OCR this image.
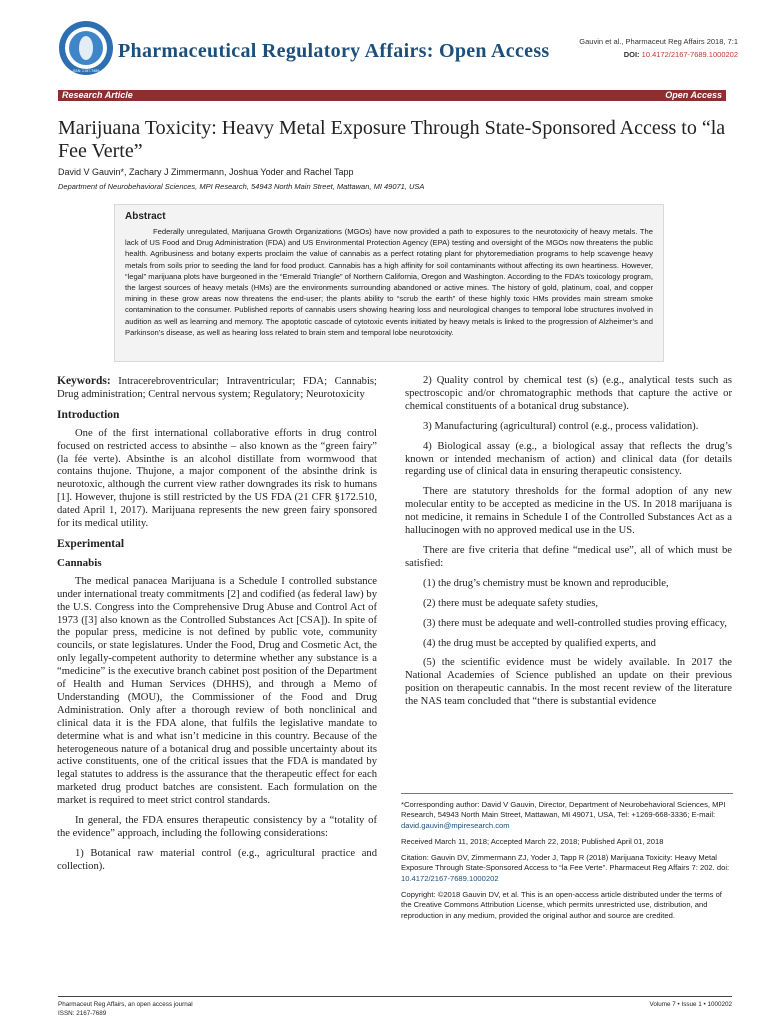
ISSN: 2167-7689
Pharmaceutical Regulatory Affairs: Open Access	Gauvin et al., Pharmaceut Reg Affairs 2018, 7:1
DOI: 10.4172/2167-7689.1000202
Research Article	Open Access
Marijuana Toxicity: Heavy Metal Exposure Through State-Sponsored Access to “la Fee Verte”
David V Gauvin*, Zachary J Zimmermann, Joshua Yoder and Rachel Tapp
Department of Neurobehavioral Sciences, MPI Research, 54943 North Main Street, Mattawan, MI 49071, USA
Abstract

Federally unregulated, Marijuana Growth Organizations (MGOs) have now provided a path to exposures to the neurotoxicity of heavy metals. The lack of US Food and Drug Administration (FDA) and US Environmental Protection Agency (EPA) testing and oversight of the MGOs now threatens the public health. Agribusiness and botany experts proclaim the value of cannabis as a perfect rotating plant for phytoremediation programs to help scavenge heavy metals from soils prior to seeding the land for food product. Cannabis has a high affinity for soil contaminants without affecting its own heartiness. However, “legal” marijuana plots have burgeoned in the “Emerald Triangle” of Northern California, Oregon and Washington. According to the FDA’s toxicology program, the largest sources of heavy metals (HMs) are the environments surrounding abandoned or active mines. The history of gold, platinum, coal, and copper mining in these grow areas now threatens the end-user; the plants ability to “scrub the earth” of these highly toxic HMs provides main stream smoke contamination to the consumer. Published reports of cannabis users showing hearing loss and neurological changes to temporal lobe structures involved in audition as well as learning and memory. The apoptotic cascade of cytotoxic events initiated by heavy metals is linked to the progression of Alzheimer’s and Parkinson’s disease, as well as hearing loss related to brain stem and temporal lobe neurotoxicity.

Keywords: Intracerebroventricular; Intraventricular; FDA; Cannabis; Drug administration; Central nervous system; Regulatory; Neurotoxicity

Introduction

One of the first international collaborative efforts in drug control focused on restricted access to absinthe – also known as the “green fairy” (la fée verte). Absinthe is an alcohol distillate from wormwood that contains thujone. Thujone, a major component of the absinthe drink is neurotoxic, although the current view rather downgrades its risk to humans [1]. However, thujone is still restricted by the US FDA (21 CFR §172.510, dated April 1, 2017). Marijuana represents the new green fairy sponsored for its medical utility.

Experimental
Cannabis

The medical panacea Marijuana is a Schedule I controlled substance under international treaty commitments [2] and codified (as federal law) by the U.S. Congress into the Comprehensive Drug Abuse and Control Act of 1973 ([3] also known as the Controlled Substances Act [CSA]). In spite of the popular press, medicine is not defined by public vote, community councils, or state legislatures. Under the Food, Drug and Cosmetic Act, the only legally-competent authority to determine whether any substance is a “medicine” is the executive branch cabinet post position of the Department of Health and Human Services (DHHS), and through a Memo of Understanding (MOU), the Commissioner of the Food and Drug Administration. Only after a thorough review of both nonclinical and clinical data it is the FDA alone, that fulfils the legislative mandate to determine what is and what isn’t medicine in this country. Because of the heterogeneous nature of a botanical drug and possible uncertainty about its active constituents, one of the critical issues that the FDA is mandated by legal statutes to address is the assurance that the therapeutic effect for each marketed drug product batches are consistent. Each formulation on the market is required to meet strict control standards.

In general, the FDA ensures therapeutic consistency by a “totality of the evidence” approach, including the following considerations:

1) Botanical raw material control (e.g., agricultural practice and collection).

2) Quality control by chemical test (s) (e.g., analytical tests such as spectroscopic and/or chromatographic methods that capture the active or chemical constituents of a botanical drug substance).

3) Manufacturing (agricultural) control (e.g., process validation).

4) Biological assay (e.g., a biological assay that reflects the drug’s known or intended mechanism of action) and clinical data (for details regarding use of clinical data in ensuring therapeutic consistency.

There are statutory thresholds for the formal adoption of any new molecular entity to be accepted as medicine in the US. In 2018 marijuana is not medicine, it remains in Schedule I of the Controlled Substances Act as a hallucinogen with no approved medical use in the US.

There are five criteria that define “medical use”, all of which must be satisfied:

(1) the drug’s chemistry must be known and reproducible,

(2) there must be adequate safety studies,

(3) there must be adequate and well-controlled studies proving efficacy,

(4) the drug must be accepted by qualified experts, and

(5) the scientific evidence must be widely available. In 2017 the National Academies of Science published an update on their previous position on therapeutic cannabis. In the most recent review of the literature the NAS team concluded that “there is substantial evidence

*Corresponding author: David V Gauvin, Director, Department of Neurobehavioral Sciences, MPI Research, 54943 North Main Street, Mattawan, MI 49071, USA, Tel: +1269-668-3336; E-mail: david.gauvin@mpiresearch.com

Received March 11, 2018; Accepted March 22, 2018; Published April 01, 2018

Citation: Gauvin DV, Zimmermann ZJ, Yoder J, Tapp R (2018) Marijuana Toxicity: Heavy Metal Exposure Through State-Sponsored Access to “la Fee Verte”. Pharmaceut Reg Affairs 7: 202. doi: 10.4172/2167-7689.1000202

Copyright: ©2018 Gauvin DV, et al. This is an open-access article distributed under the terms of the Creative Commons Attribution License, which permits unrestricted use, distribution, and reproduction in any medium, provided the original author and source are credited.

Pharmaceut Reg Affairs, an open access journal
ISSN: 2167-7689
Volume 7 • Issue 1 • 1000202
